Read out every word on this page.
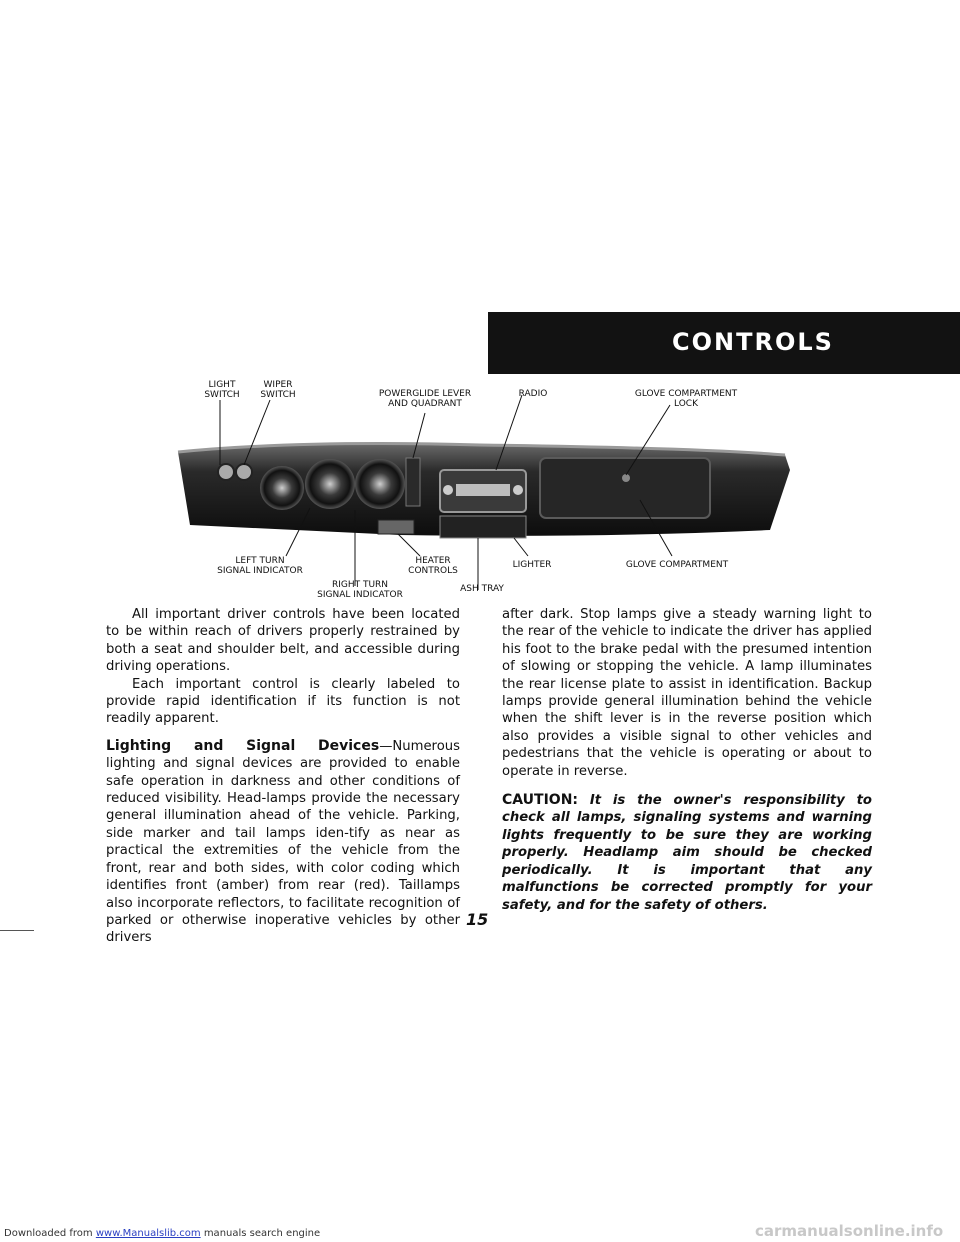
CONTROLS
LIGHT
SWITCH
WIPER
SWITCH	POWERGLIDE LEVER
AND QUADRANT
RADIO	GLOVE COMPARTMENT
LOCK
LEFT TURN
SIGNAL INDICATOR
HEATER
CONTROLS
LIGHTER	GLOVE COMPARTMENT
RIGHT TURN
SIGNAL INDICATOR
ASH TRAY

All important driver controls have been located to be within reach of drivers properly restrained by both a seat and shoulder belt, and accessible during driving operations.

Each important control is clearly labeled to provide rapid identification if its function is not readily apparent.

Lighting and Signal Devices—Numerous lighting and signal devices are provided to enable safe operation in darkness and other conditions of reduced visibility. Head-lamps provide the necessary general illumination ahead of the vehicle. Parking, side marker and tail lamps iden-tify as near as practical the extremities of the vehicle from the front, rear and both sides, with color coding which identifies front (amber) from rear (red). Taillamps also incorporate reflectors, to facilitate recognition of parked or otherwise inoperative vehicles by other drivers

after dark. Stop lamps give a steady warning light to the rear of the vehicle to indicate the driver has applied his foot to the brake pedal with the presumed intention of slowing or stopping the vehicle. A lamp illuminates the rear license plate to assist in identification. Backup lamps provide general illumination behind the vehicle when the shift lever is in the reverse position which also provides a visible signal to other vehicles and pedestrians that the vehicle is operating or about to operate in reverse.

CAUTION: It is the owner's responsibility to check all lamps, signaling systems and warning lights frequently to be sure they are working properly. Headlamp aim should be checked periodically. It is important that any malfunctions be corrected promptly for your safety, and for the safety of others.

15
Downloaded from www.Manualslib.com manuals search engine	carmanualsonline.info
